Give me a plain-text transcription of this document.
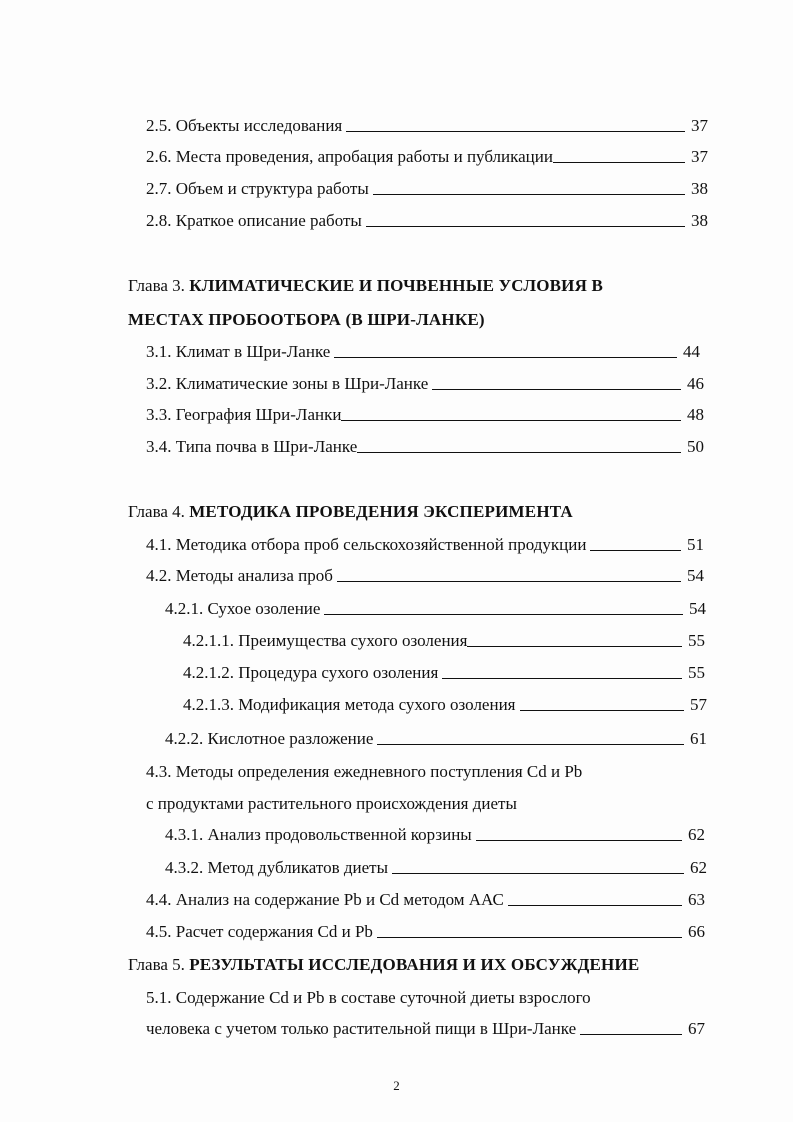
2.5. Объекты исследования	37
2.6. Места проведения, апробация работы и публикации	37
2.7. Объем и структура работы	38
2.8. Краткое описание работы	38
Глава 3. КЛИМАТИЧЕСКИЕ И ПОЧВЕННЫЕ УСЛОВИЯ В
МЕСТАХ ПРОБООТБОРА (В ШРИ-ЛАНКЕ)
3.1. Климат в Шри-Ланке	44
3.2. Климатические зоны в Шри-Ланке	46
3.3. География Шри-Ланки	48
3.4. Типа почва в Шри-Ланке	50
Глава 4. МЕТОДИКА ПРОВЕДЕНИЯ ЭКСПЕРИМЕНТА
4.1. Методика отбора проб сельскохозяйственной продукции	51
4.2. Методы анализа проб	54
4.2.1. Сухое озоление	54
4.2.1.1. Преимущества сухого озоления	55
4.2.1.2. Процедура сухого озоления	55
4.2.1.3. Модификация метода сухого озоления	57
4.2.2. Кислотное разложение	61
4.3. Методы определения ежедневного поступления Cd и Pb
с продуктами растительного происхождения диеты
4.3.1. Анализ продовольственной корзины	62
4.3.2. Метод дубликатов диеты	62
4.4. Анализ на содержание Pb и Cd методом ААС	63
4.5. Расчет содержания Cd и Pb	66
Глава 5. РЕЗУЛЬТАТЫ ИССЛЕДОВАНИЯ И ИХ ОБСУЖДЕНИЕ
5.1. Содержание Cd и Pb в составе суточной диеты взрослого
человека с учетом только растительной пищи в Шри-Ланке	67
2
